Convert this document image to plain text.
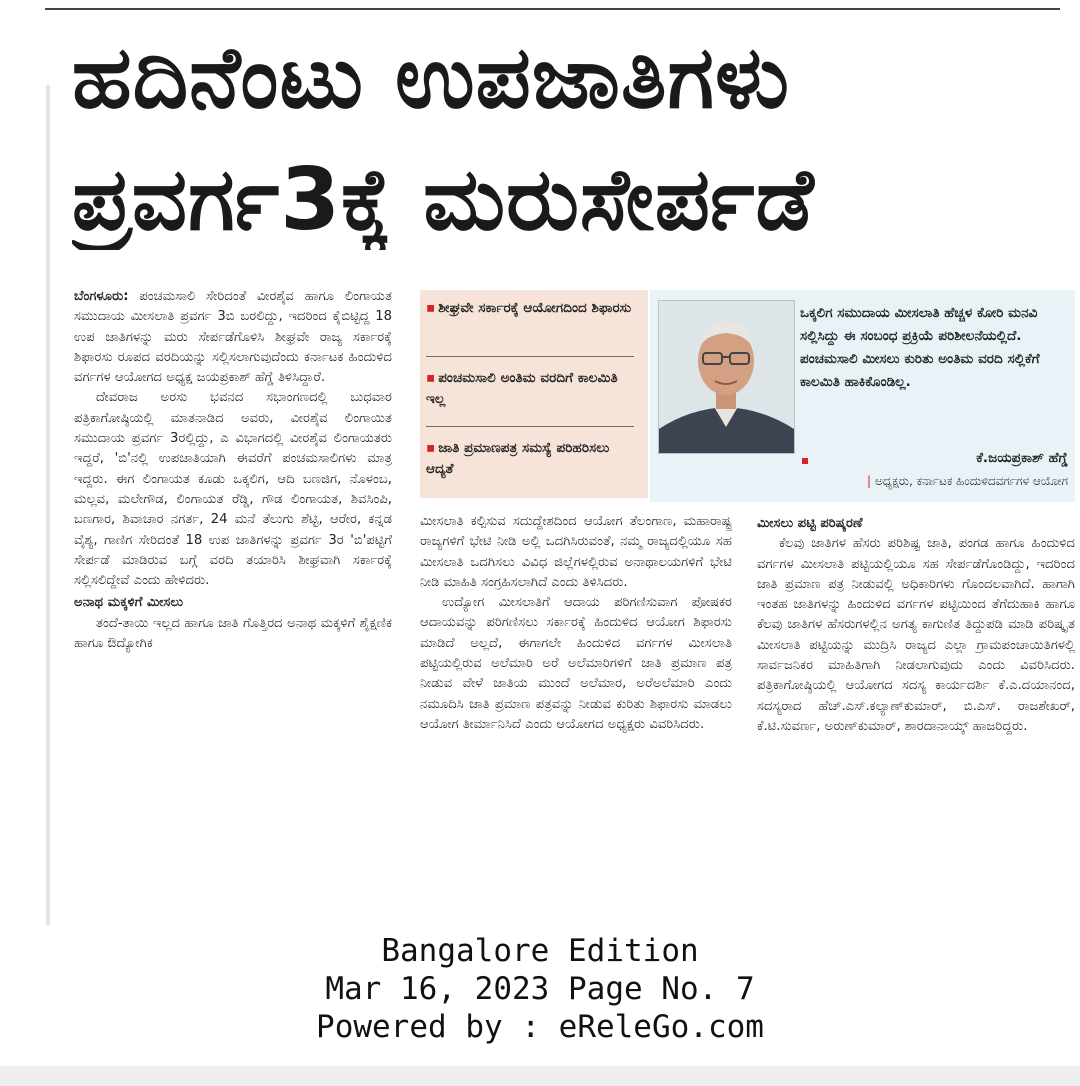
ಹದಿನೆಂಟು ಉಪಜಾತಿಗಳು
ಪ್ರವರ್ಗ3ಕ್ಕೆ ಮರುಸೇರ್ಪಡೆ

ಬೆಂಗಳೂರು: ಪಂಚಮಸಾಲಿ ಸೇರಿದಂತೆ ವೀರಶೈವ ಹಾಗೂ ಲಿಂಗಾಯತ ಸಮುದಾಯ ಮೀಸಲಾತಿ ಪ್ರವರ್ಗ 3ಬಿ ಬರಲಿದ್ದು, ಇದರಿಂದ ಕೈಬಿಟ್ಟಿದ್ದ 18 ಉಪ ಜಾತಿಗಳನ್ನು ಮರು ಸೇರ್ಪಡೆಗೊಳಿಸಿ ಶೀಘ್ರವೇ ರಾಜ್ಯ ಸರ್ಕಾರಕ್ಕೆ ಶಿಫಾರಸು ರೂಪದ ವರದಿಯನ್ನು ಸಲ್ಲಿಸಲಾಗುವುದೆಂದು ಕರ್ನಾಟಕ ಹಿಂದುಳಿದ ವರ್ಗಗಳ ಆಯೋಗದ ಅಧ್ಯಕ್ಷ ಜಯಪ್ರಕಾಶ್ ಹೆಗ್ಡೆ ತಿಳಿಸಿದ್ದಾರೆ.

ದೇವರಾಜ ಅರಸು ಭವನದ ಸಭಾಂಗಣದಲ್ಲಿ ಬುಧವಾರ ಪತ್ರಿಕಾಗೋಷ್ಠಿಯಲ್ಲಿ ಮಾತನಾಡಿದ ಅವರು, ವೀರಶೈವ ಲಿಂಗಾಯಿತ ಸಮುದಾಯ ಪ್ರವರ್ಗ 3ರಲ್ಲಿದ್ದು, ಎ ವಿಭಾಗದಲ್ಲಿ ವೀರಶೈವ ಲಿಂಗಾಯತರು ಇದ್ದರೆ, 'ಬಿ'ನಲ್ಲಿ ಉಪಜಾತಿಯಾಗಿ ಈವರೆಗೆ ಪಂಚಮಸಾಲಿಗಳು ಮಾತ್ರ ಇದ್ದರು. ಈಗ ಲಿಂಗಾಯತ ಕೂಡು ಒಕ್ಕಲಿಗ, ಆದಿ ಬಣಜಿಗ, ನೊಳಂಬ, ಮಲ್ಲವ, ಮಲೇಗೌಡ, ಲಿಂಗಾಯತ ರೆಡ್ಡಿ, ಗೌಡ ಲಿಂಗಾಯತ, ಶಿವಸಿಂಪಿ, ಬಣಗಾರ, ಶಿವಾಚಾರ ನಗರ್ತ, 24 ಮನೆ ತೆಲುಗು ಶೆಟ್ಟಿ, ಆರೇರ, ಕನ್ನಡ ವೈಶ್ಯ, ಗಾಣಿಗ ಸೇರಿದಂತೆ 18 ಉಪ ಜಾತಿಗಳನ್ನು ಪ್ರವರ್ಗ 3ರ 'ಬಿ'ಪಟ್ಟಿಗೆ ಸೇರ್ಪಡೆ ಮಾಡಿರುವ ಬಗ್ಗೆ ವರದಿ ತಯಾರಿಸಿ ಶೀಘ್ರವಾಗಿ ಸರ್ಕಾರಕ್ಕೆ ಸಲ್ಲಿಸಲಿದ್ದೇವೆ ಎಂದು ಹೇಳಿದರು.

ಅನಾಥ ಮಕ್ಕಳಿಗೆ ಮೀಸಲು

ತಂದೆ-ತಾಯಿ ಇಲ್ಲದ ಹಾಗೂ ಜಾತಿ ಗೊತ್ತಿರದ ಅನಾಥ ಮಕ್ಕಳಿಗೆ ಶೈಕ್ಷಣಿಕ ಹಾಗೂ ಔದ್ಯೋಗಿಕ

▪ ಶೀಘ್ರವೇ ಸರ್ಕಾರಕ್ಕೆ ಆಯೋಗದಿಂದ ಶಿಫಾರಸು
▪ ಪಂಚಮಸಾಲಿ ಅಂತಿಮ ವರದಿಗೆ ಕಾಲಮಿತಿ ಇಲ್ಲ
▪ ಜಾತಿ ಪ್ರಮಾಣಪತ್ರ ಸಮಸ್ಯೆ ಪರಿಹರಿಸಲು ಆದ್ಯತೆ
ಒಕ್ಕಲಿಗ ಸಮುದಾಯ ಮೀಸಲಾತಿ ಹೆಚ್ಚಳ ಕೋರಿ ಮನವಿ ಸಲ್ಲಿಸಿದ್ದು ಈ ಸಂಬಂಧ ಪ್ರಕ್ರಿಯೆ ಪರಿಶೀಲನೆಯಲ್ಲಿದೆ. ಪಂಚಮಸಾಲಿ ಮೀಸಲು ಕುರಿತು ಅಂತಿಮ ವರದಿ ಸಲ್ಲಿಕೆಗೆ ಕಾಲಮಿತಿ ಹಾಕಿಕೊಂಡಿಲ್ಲ.
ಕೆ.ಜಯಪ್ರಕಾಶ್ ಹೆಗ್ಡೆ
| ಅಧ್ಯಕ್ಷರು, ಕರ್ನಾಟಕ ಹಿಂದುಳಿದವರ್ಗಗಳ ಆಯೋಗ

ಮೀಸಲಾತಿ ಕಲ್ಪಿಸುವ ಸದುದ್ದೇಶದಿಂದ ಆಯೋಗ ತೆಲಂಗಾಣ, ಮಹಾರಾಷ್ಟ್ರ ರಾಜ್ಯಗಳಿಗೆ ಭೇಟಿ ನೀಡಿ ಅಲ್ಲಿ ಒದಗಿಸಿರುವಂತೆ, ನಮ್ಮ ರಾಜ್ಯದಲ್ಲಿಯೂ ಸಹ ಮೀಸಲಾತಿ ಒದಗಿಸಲು ವಿವಿಧ ಜಿಲ್ಲೆಗಳಲ್ಲಿರುವ ಅನಾಥಾಲಯಗಳಿಗೆ ಭೇಟಿ ನೀಡಿ ಮಾಹಿತಿ ಸಂಗ್ರಹಿಸಲಾಗಿದೆ ಎಂದು ತಿಳಿಸಿದರು.

ಉದ್ಯೋಗ ಮೀಸಲಾತಿಗೆ ಆದಾಯ ಪರಿಗಣಿಸುವಾಗ ಪೋಷಕರ ಆದಾಯವನ್ನು ಪರಿಗಣಿಸಲು ಸರ್ಕಾರಕ್ಕೆ ಹಿಂದುಳಿದ ಆಯೋಗ ಶಿಫಾರಸು ಮಾಡಿದೆ ಅಲ್ಲದೆ, ಈಗಾಗಲೇ ಹಿಂದುಳಿದ ವರ್ಗಗಳ ಮೀಸಲಾತಿ ಪಟ್ಟಿಯಲ್ಲಿರುವ ಅಲೆಮಾರಿ ಅರೆ ಅಲೆಮಾರಿಗಳಿಗೆ ಜಾತಿ ಪ್ರಮಾಣ ಪತ್ರ ನೀಡುವ ವೇಳೆ ಜಾತಿಯ ಮುಂದೆ ಅಲೆಮಾರ, ಅರೆಅಲೆಮಾರಿ ಎಂದು ನಮೂದಿಸಿ ಜಾತಿ ಪ್ರಮಾಣ ಪತ್ರವನ್ನು ನೀಡುವ ಕುರಿತು ಶಿಫಾರಸು ಮಾಡಲು ಆಯೋಗ ತೀರ್ಮಾನಿಸಿದೆ ಎಂದು ಆಯೋಗದ ಅಧ್ಯಕ್ಷರು ವಿವರಿಸಿದರು.

ಮೀಸಲು ಪಟ್ಟಿ ಪರಿಷ್ಕರಣೆ

ಕೆಲವು ಜಾತಿಗಳ ಹೆಸರು ಪರಿಶಿಷ್ಟ ಜಾತಿ, ಪಂಗಡ ಹಾಗೂ ಹಿಂದುಳಿದ ವರ್ಗಗಳ ಮೀಸಲಾತಿ ಪಟ್ಟಿಯಲ್ಲಿಯೂ ಸಹ ಸೇರ್ಪಡೆಗೊಂಡಿದ್ದು, ಇದರಿಂದ ಜಾತಿ ಪ್ರಮಾಣ ಪತ್ರ ನೀಡುವಲ್ಲಿ ಅಧಿಕಾರಿಗಳು ಗೊಂದಲವಾಗಿದೆ. ಹಾಗಾಗಿ ಇಂತಹ ಜಾತಿಗಳನ್ನು ಹಿಂದುಳಿದ ವರ್ಗಗಳ ಪಟ್ಟಿಯಿಂದ ತೆಗೆದುಹಾಕಿ ಹಾಗೂ ಕೆಲವು ಜಾತಿಗಳ ಹೆಸರುಗಳಲ್ಲಿನ ಅಗತ್ಯ ಕಾಗುಣಿತ ತಿದ್ದುಪಡಿ ಮಾಡಿ ಪರಿಷ್ಕೃತ ಮೀಸಲಾತಿ ಪಟ್ಟಿಯನ್ನು ಮುದ್ರಿಸಿ ರಾಜ್ಯದ ಎಲ್ಲಾ ಗ್ರಾಮಪಂಚಾಯಿತಿಗಳಲ್ಲಿ ಸಾರ್ವಜನಿಕರ ಮಾಹಿತಿಗಾಗಿ ನೀಡಲಾಗುವುದು ಎಂದು ವಿವರಿಸಿದರು. ಪತ್ರಿಕಾಗೋಷ್ಠಿಯಲ್ಲಿ ಆಯೋಗದ ಸದಸ್ಯ ಕಾರ್ಯದರ್ಶಿ ಕೆ.ಎ.ದಯಾನಂದ, ಸದಸ್ಯರಾದ ಹೆಚ್.ಎಸ್.ಕಲ್ಯಾಣ್‌ಕುಮಾರ್, ಬಿ.ಎಸ್. ರಾಜಶೇಖರ್, ಕೆ.ಟಿ.ಸುವರ್ಣ, ಅರುಣ್‌ಕುಮಾರ್, ಶಾರದಾನಾಯ್ಕ್ ಹಾಜರಿದ್ದರು.

Bangalore Edition
Mar 16, 2023 Page No. 7
Powered by : eReleGo.com
